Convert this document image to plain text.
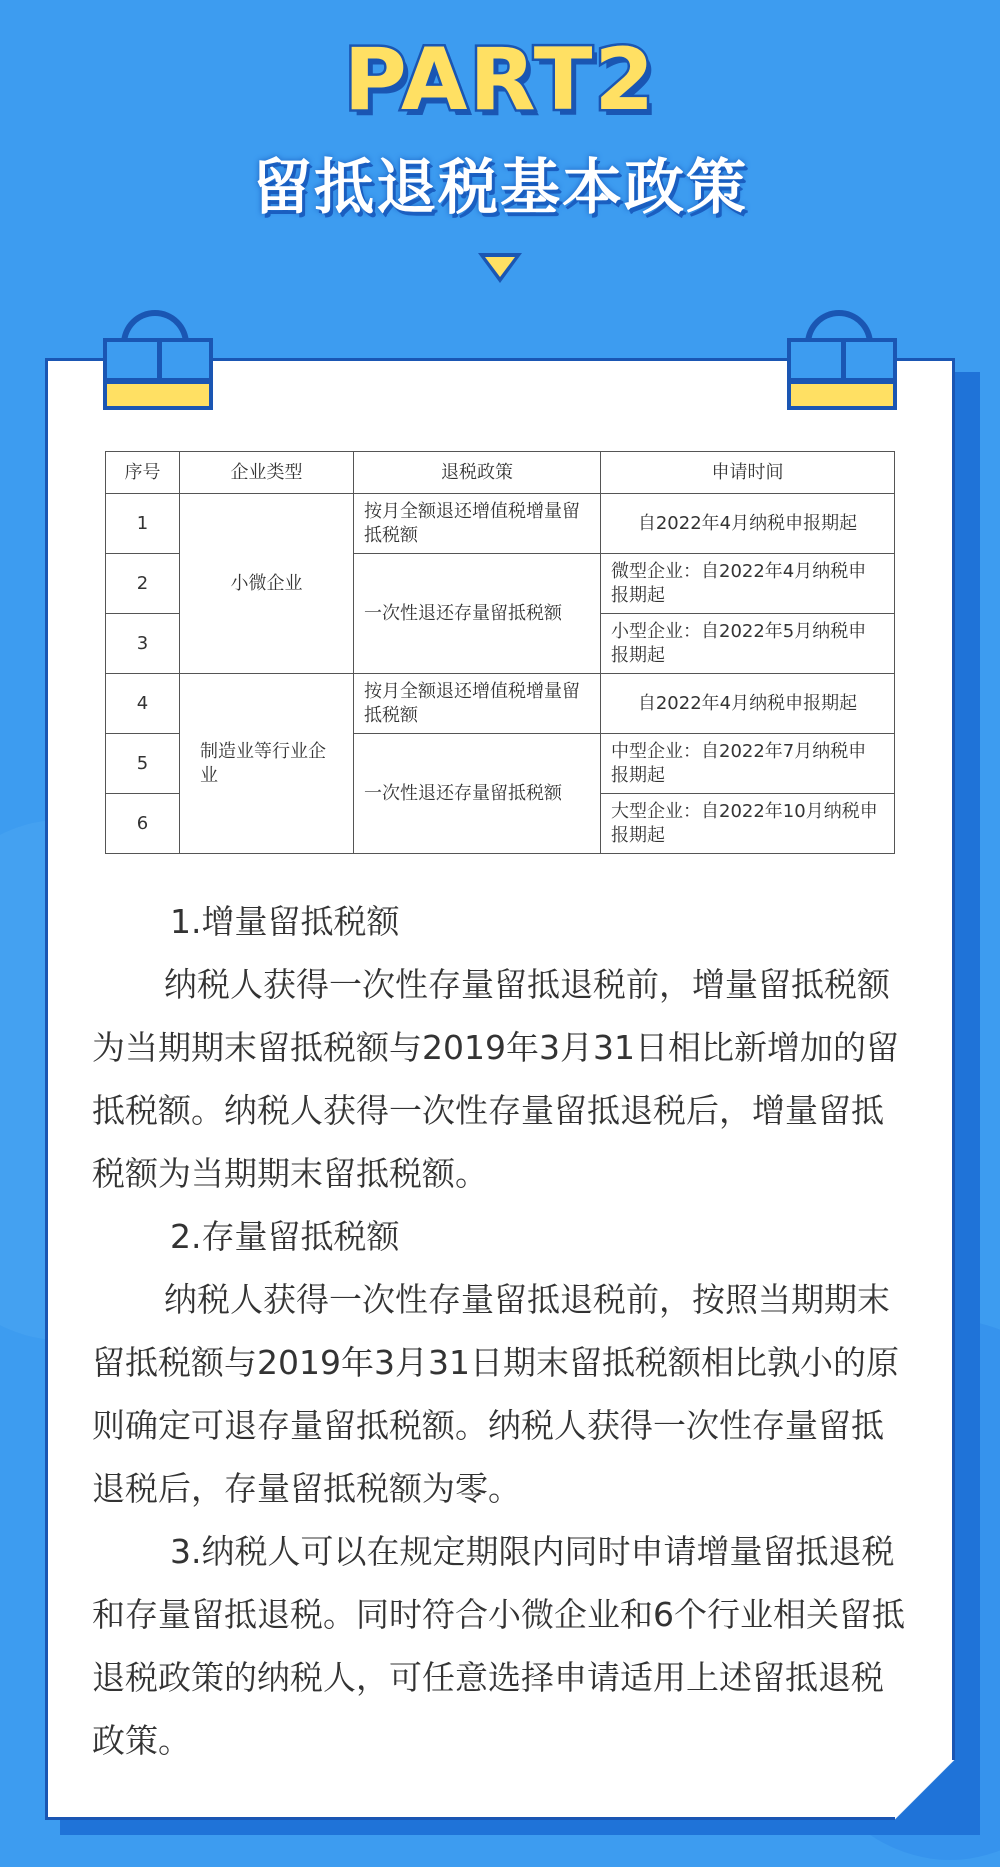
PART2
留抵退税基本政策
序号	企业类型	退税政策	申请时间
1	小微企业	按月全额退还增值税增量留抵税额	自2022年4月纳税申报期起
2		一次性退还存量留抵税额	微型企业：自2022年4月纳税申报期起
3			小型企业：自2022年5月纳税申报期起
4	制造业等行业企业	按月全额退还增值税增量留抵税额	自2022年4月纳税申报期起
5		一次性退还存量留抵税额	中型企业：自2022年7月纳税申报期起
6			大型企业：自2022年10月纳税申报期起

1.增量留抵税额

纳税人获得一次性存量留抵退税前，增量留抵税额为当期期末留抵税额与2019年3月31日相比新增加的留抵税额。纳税人获得一次性存量留抵退税后，增量留抵税额为当期期末留抵税额。

2.存量留抵税额

纳税人获得一次性存量留抵退税前，按照当期期末留抵税额与2019年3月31日期末留抵税额相比孰小的原则确定可退存量留抵税额。纳税人获得一次性存量留抵退税后，存量留抵税额为零。

3.纳税人可以在规定期限内同时申请增量留抵退税和存量留抵退税。同时符合小微企业和6个行业相关留抵退税政策的纳税人，可任意选择申请适用上述留抵退税政策。
